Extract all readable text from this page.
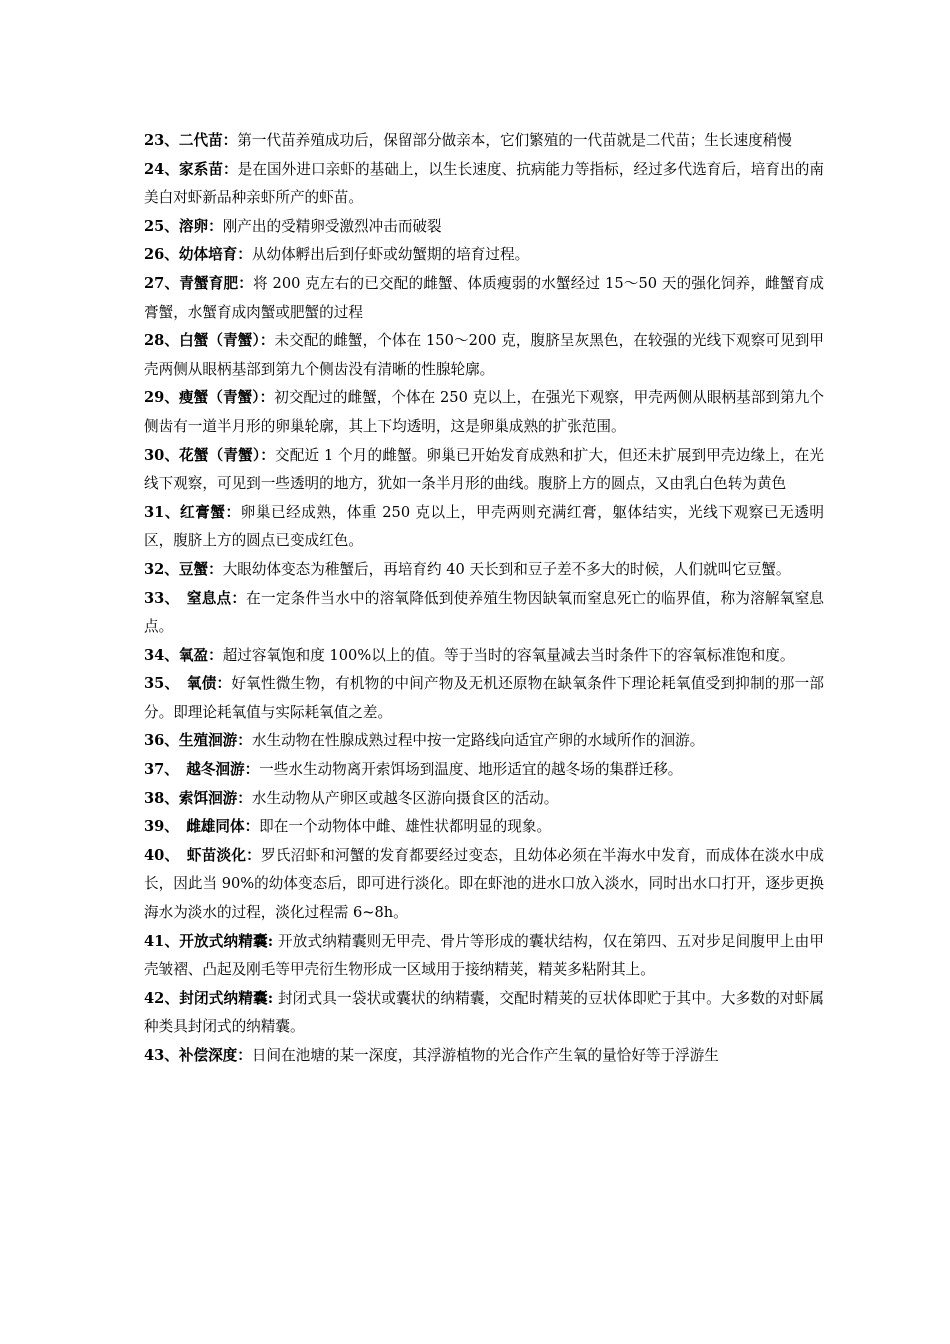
23、二代苗：第一代苗养殖成功后，保留部分做亲本，它们繁殖的一代苗就是二代苗；生长速度稍慢

24、家系苗：是在国外进口亲虾的基础上，以生长速度、抗病能力等指标，经过多代选育后，培育出的南美白对虾新品种亲虾所产的虾苗。

25、溶卵：刚产出的受精卵受激烈冲击而破裂

26、幼体培育：从幼体孵出后到仔虾或幼蟹期的培育过程。

27、青蟹育肥：将 200 克左右的已交配的雌蟹、体质瘦弱的水蟹经过 15～50 天的强化饲养，雌蟹育成膏蟹，水蟹育成肉蟹或肥蟹的过程

28、白蟹（青蟹）：未交配的雌蟹，个体在 150～200 克，腹脐呈灰黑色，在较强的光线下观察可见到甲壳两侧从眼柄基部到第九个侧齿没有清晰的性腺轮廓。

29、瘦蟹（青蟹）：初交配过的雌蟹，个体在 250 克以上，在强光下观察，甲壳两侧从眼柄基部到第九个侧齿有一道半月形的卵巢轮廓，其上下均透明，这是卵巢成熟的扩张范围。

30、花蟹（青蟹）：交配近 1 个月的雌蟹。卵巢已开始发育成熟和扩大，但还未扩展到甲壳边缘上，在光线下观察，可见到一些透明的地方，犹如一条半月形的曲线。腹脐上方的圆点，又由乳白色转为黄色

31、红膏蟹：卵巢已经成熟，体重 250 克以上，甲壳两则充满红膏，躯体结实，光线下观察已无透明区，腹脐上方的圆点已变成红色。

32、豆蟹：大眼幼体变态为稚蟹后，再培育约 40 天长到和豆子差不多大的时候，人们就叫它豆蟹。

33、　窒息点：在一定条件当水中的溶氧降低到使养殖生物因缺氧而窒息死亡的临界值，称为溶解氧窒息点。

34、氧盈：超过容氧饱和度 100%以上的值。等于当时的容氧量减去当时条件下的容氧标准饱和度。

35、　氧债：好氧性微生物，有机物的中间产物及无机还原物在缺氧条件下理论耗氧值受到抑制的那一部分。即理论耗氧值与实际耗氧值之差。

36、生殖洄游：水生动物在性腺成熟过程中按一定路线向适宜产卵的水域所作的洄游。

37、　越冬洄游：一些水生动物离开索饵场到温度、地形适宜的越冬场的集群迁移。

38、索饵洄游：水生动物从产卵区或越冬区游向摄食区的活动。

39、　雌雄同体：即在一个动物体中雌、雄性状都明显的现象。

40、　虾苗淡化：罗氏沼虾和河蟹的发育都要经过变态，且幼体必须在半海水中发育，而成体在淡水中成长，因此当 90%的幼体变态后，即可进行淡化。即在虾池的进水口放入淡水，同时出水口打开，逐步更换海水为淡水的过程，淡化过程需 6~8h。

41、开放式纳精囊: 开放式纳精囊则无甲壳、骨片等形成的囊状结构，仅在第四、五对步足间腹甲上由甲壳皱褶、凸起及刚毛等甲壳衍生物形成一区域用于接纳精荚，精荚多粘附其上。

42、封闭式纳精囊: 封闭式具一袋状或囊状的纳精囊，交配时精荚的豆状体即贮于其中。大多数的对虾属种类具封闭式的纳精囊。

43、补偿深度：日间在池塘的某一深度，其浮游植物的光合作产生氧的量恰好等于浮游生
